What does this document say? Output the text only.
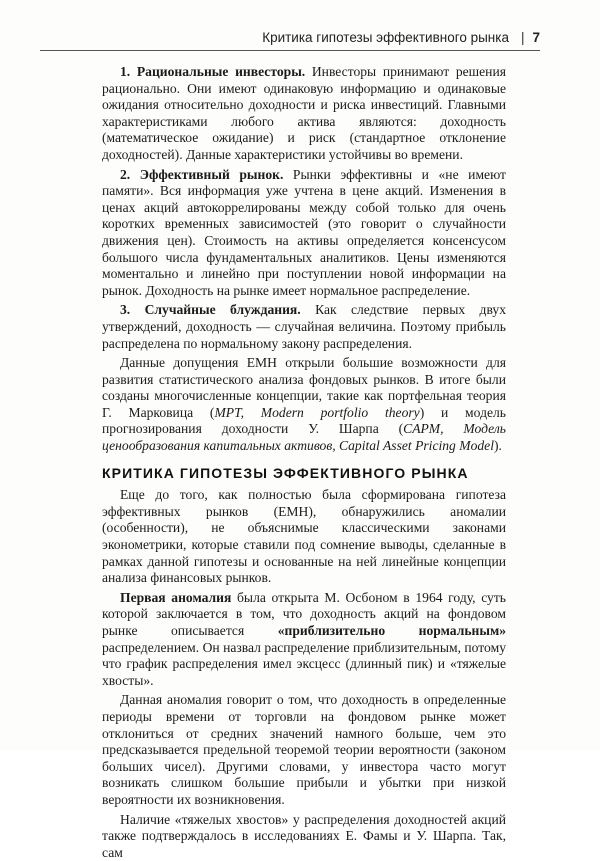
Критика гипотезы эффективного рынка | 7

1. Рациональные инвесторы. Инвесторы принимают решения рационально. Они имеют одинаковую информацию и одинаковые ожидания относительно доходности и риска инвестиций. Главными характеристиками любого актива являются: доходность (математическое ожидание) и риск (стандартное отклонение доходностей). Данные характеристики устойчивы во времени.

2. Эффективный рынок. Рынки эффективны и «не имеют памяти». Вся информация уже учтена в цене акций. Изменения в ценах акций автокоррелированы между собой только для очень коротких временных зависимостей (это говорит о случайности движения цен). Стоимость на активы определяется консенсусом большого числа фундаментальных аналитиков. Цены изменяются моментально и линейно при поступлении новой информации на рынок. Доходность на рынке имеет нормальное распределение.

3. Случайные блуждания. Как следствие первых двух утверждений, доходность — случайная величина. Поэтому прибыль распределена по нормальному закону распределения.

Данные допущения EMH открыли большие возможности для развития статистического анализа фондовых рынков. В итоге были созданы многочисленные концепции, такие как портфельная теория Г. Марковица (MPT, Modern portfolio theory) и модель прогнозирования доходности У. Шарпа (CAPM, Модель ценообразования капитальных активов, Capital Asset Pricing Model).

КРИТИКА ГИПОТЕЗЫ ЭФФЕКТИВНОГО РЫНКА

Еще до того, как полностью была сформирована гипотеза эффективных рынков (EMH), обнаружились аномалии (особенности), не объяснимые классическими законами эконометрики, которые ставили под сомнение выводы, сделанные в рамках данной гипотезы и основанные на ней линейные концепции анализа финансовых рынков.

Первая аномалия была открыта М. Осбоном в 1964 году, суть которой заключается в том, что доходность акций на фондовом рынке описывается «приблизительно нормальным» распределением. Он назвал распределение приблизительным, потому что график распределения имел эксцесс (длинный пик) и «тяжелые хвосты».

Данная аномалия говорит о том, что доходность в определенные периоды времени от торговли на фондовом рынке может отклониться от средних значений намного больше, чем это предсказывается предельной теоремой теории вероятности (законом больших чисел). Другими словами, у инвестора часто могут возникать слишком большие прибыли и убытки при низкой вероятности их возникновения.

Наличие «тяжелых хвостов» у распределения доходностей акций также подтверждалось в исследованиях Е. Фамы и У. Шарпа. Так, сам
